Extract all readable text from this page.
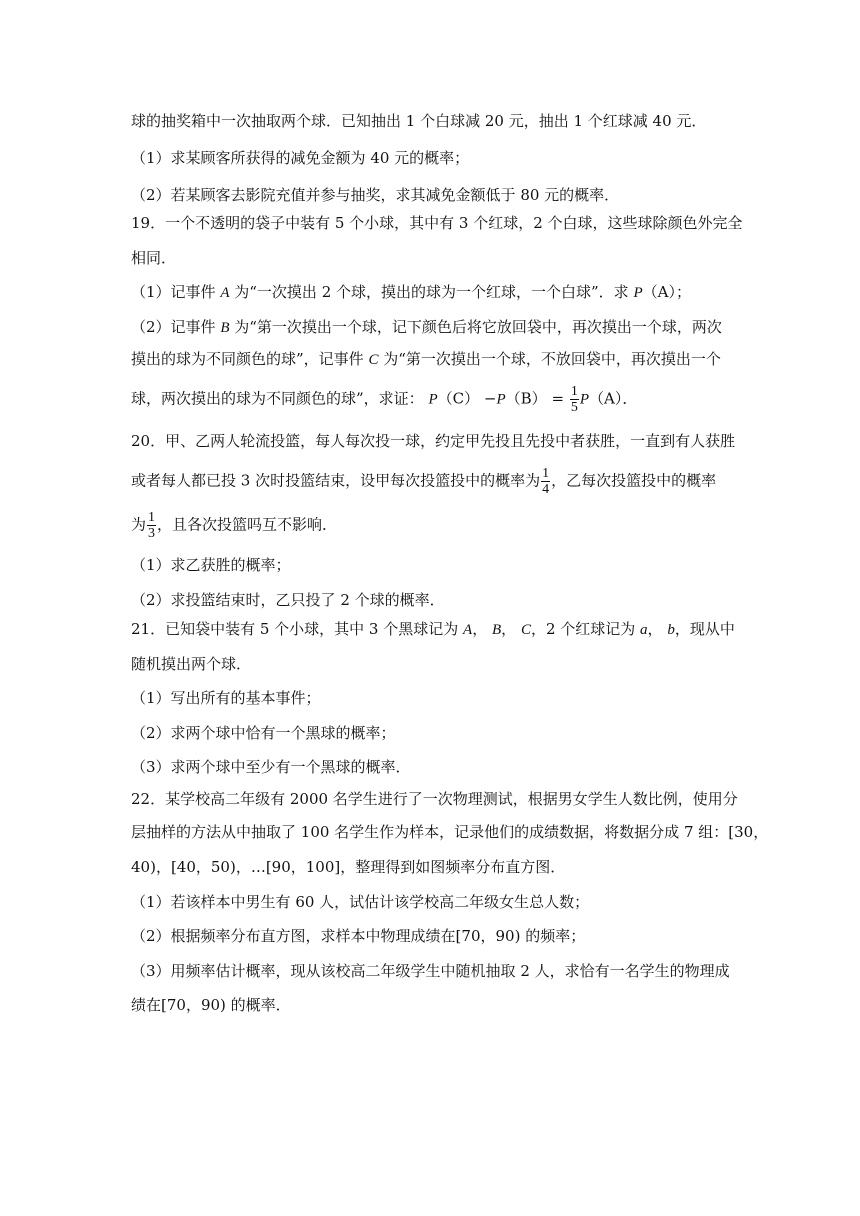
球的抽奖箱中一次抽取两个球．已知抽出 1 个白球减 20 元，抽出 1 个红球减 40 元．
（1）求某顾客所获得的减免金额为 40 元的概率；
（2）若某顾客去影院充值并参与抽奖，求其减免金额低于 80 元的概率．
19．一个不透明的袋子中装有 5 个小球，其中有 3 个红球，2 个白球，这些球除颜色外完全
相同．
（1）记事件 A 为“一次摸出 2 个球，摸出的球为一个红球，一个白球”．求 P（A）；
（2）记事件 B 为“第一次摸出一个球，记下颜色后将它放回袋中，再次摸出一个球，两次
摸出的球为不同颜色的球”，记事件 C 为“第一次摸出一个球，不放回袋中，再次摸出一个
球，两次摸出的球为不同颜色的球”，求证： $P(C) -P(B) = \frac{1}{5} P(A)$．
20．甲、乙两人轮流投篮，每人每次投一球，约定甲先投且先投中者获胜，一直到有人获胜
或者每人都已投 3 次时投篮结束，设甲每次投篮投中的概率为 $\frac{1}{4}$ ，乙每次投篮投中的概率
为 $\frac{1}{3}$ ，且各次投篮吗互不影响．
（1）求乙获胜的概率；
（2）求投篮结束时，乙只投了 2 个球的概率．
21．已知袋中装有 5 个小球，其中 3 个黑球记为 A， B， C，2 个红球记为 a， b，现从中
随机摸出两个球．
（1）写出所有的基本事件；
（2）求两个球中恰有一个黑球的概率；
（3）求两个球中至少有一个黑球的概率．
22．某学校高二年级有 2000 名学生进行了一次物理测试，根据男女学生人数比例，使用分
层抽样的方法从中抽取了 100 名学生作为样本，记录他们的成绩数据，将数据分成 7 组：[30，
40)，[40，50)，…[90，100]，整理得到如图频率分布直方图．
（1）若该样本中男生有 60 人，试估计该学校高二年级女生总人数；
（2）根据频率分布直方图，求样本中物理成绩在[70，90) 的频率；
（3）用频率估计概率，现从该校高二年级学生中随机抽取 2 人，求恰有一名学生的物理成
绩在[70，90) 的概率．
